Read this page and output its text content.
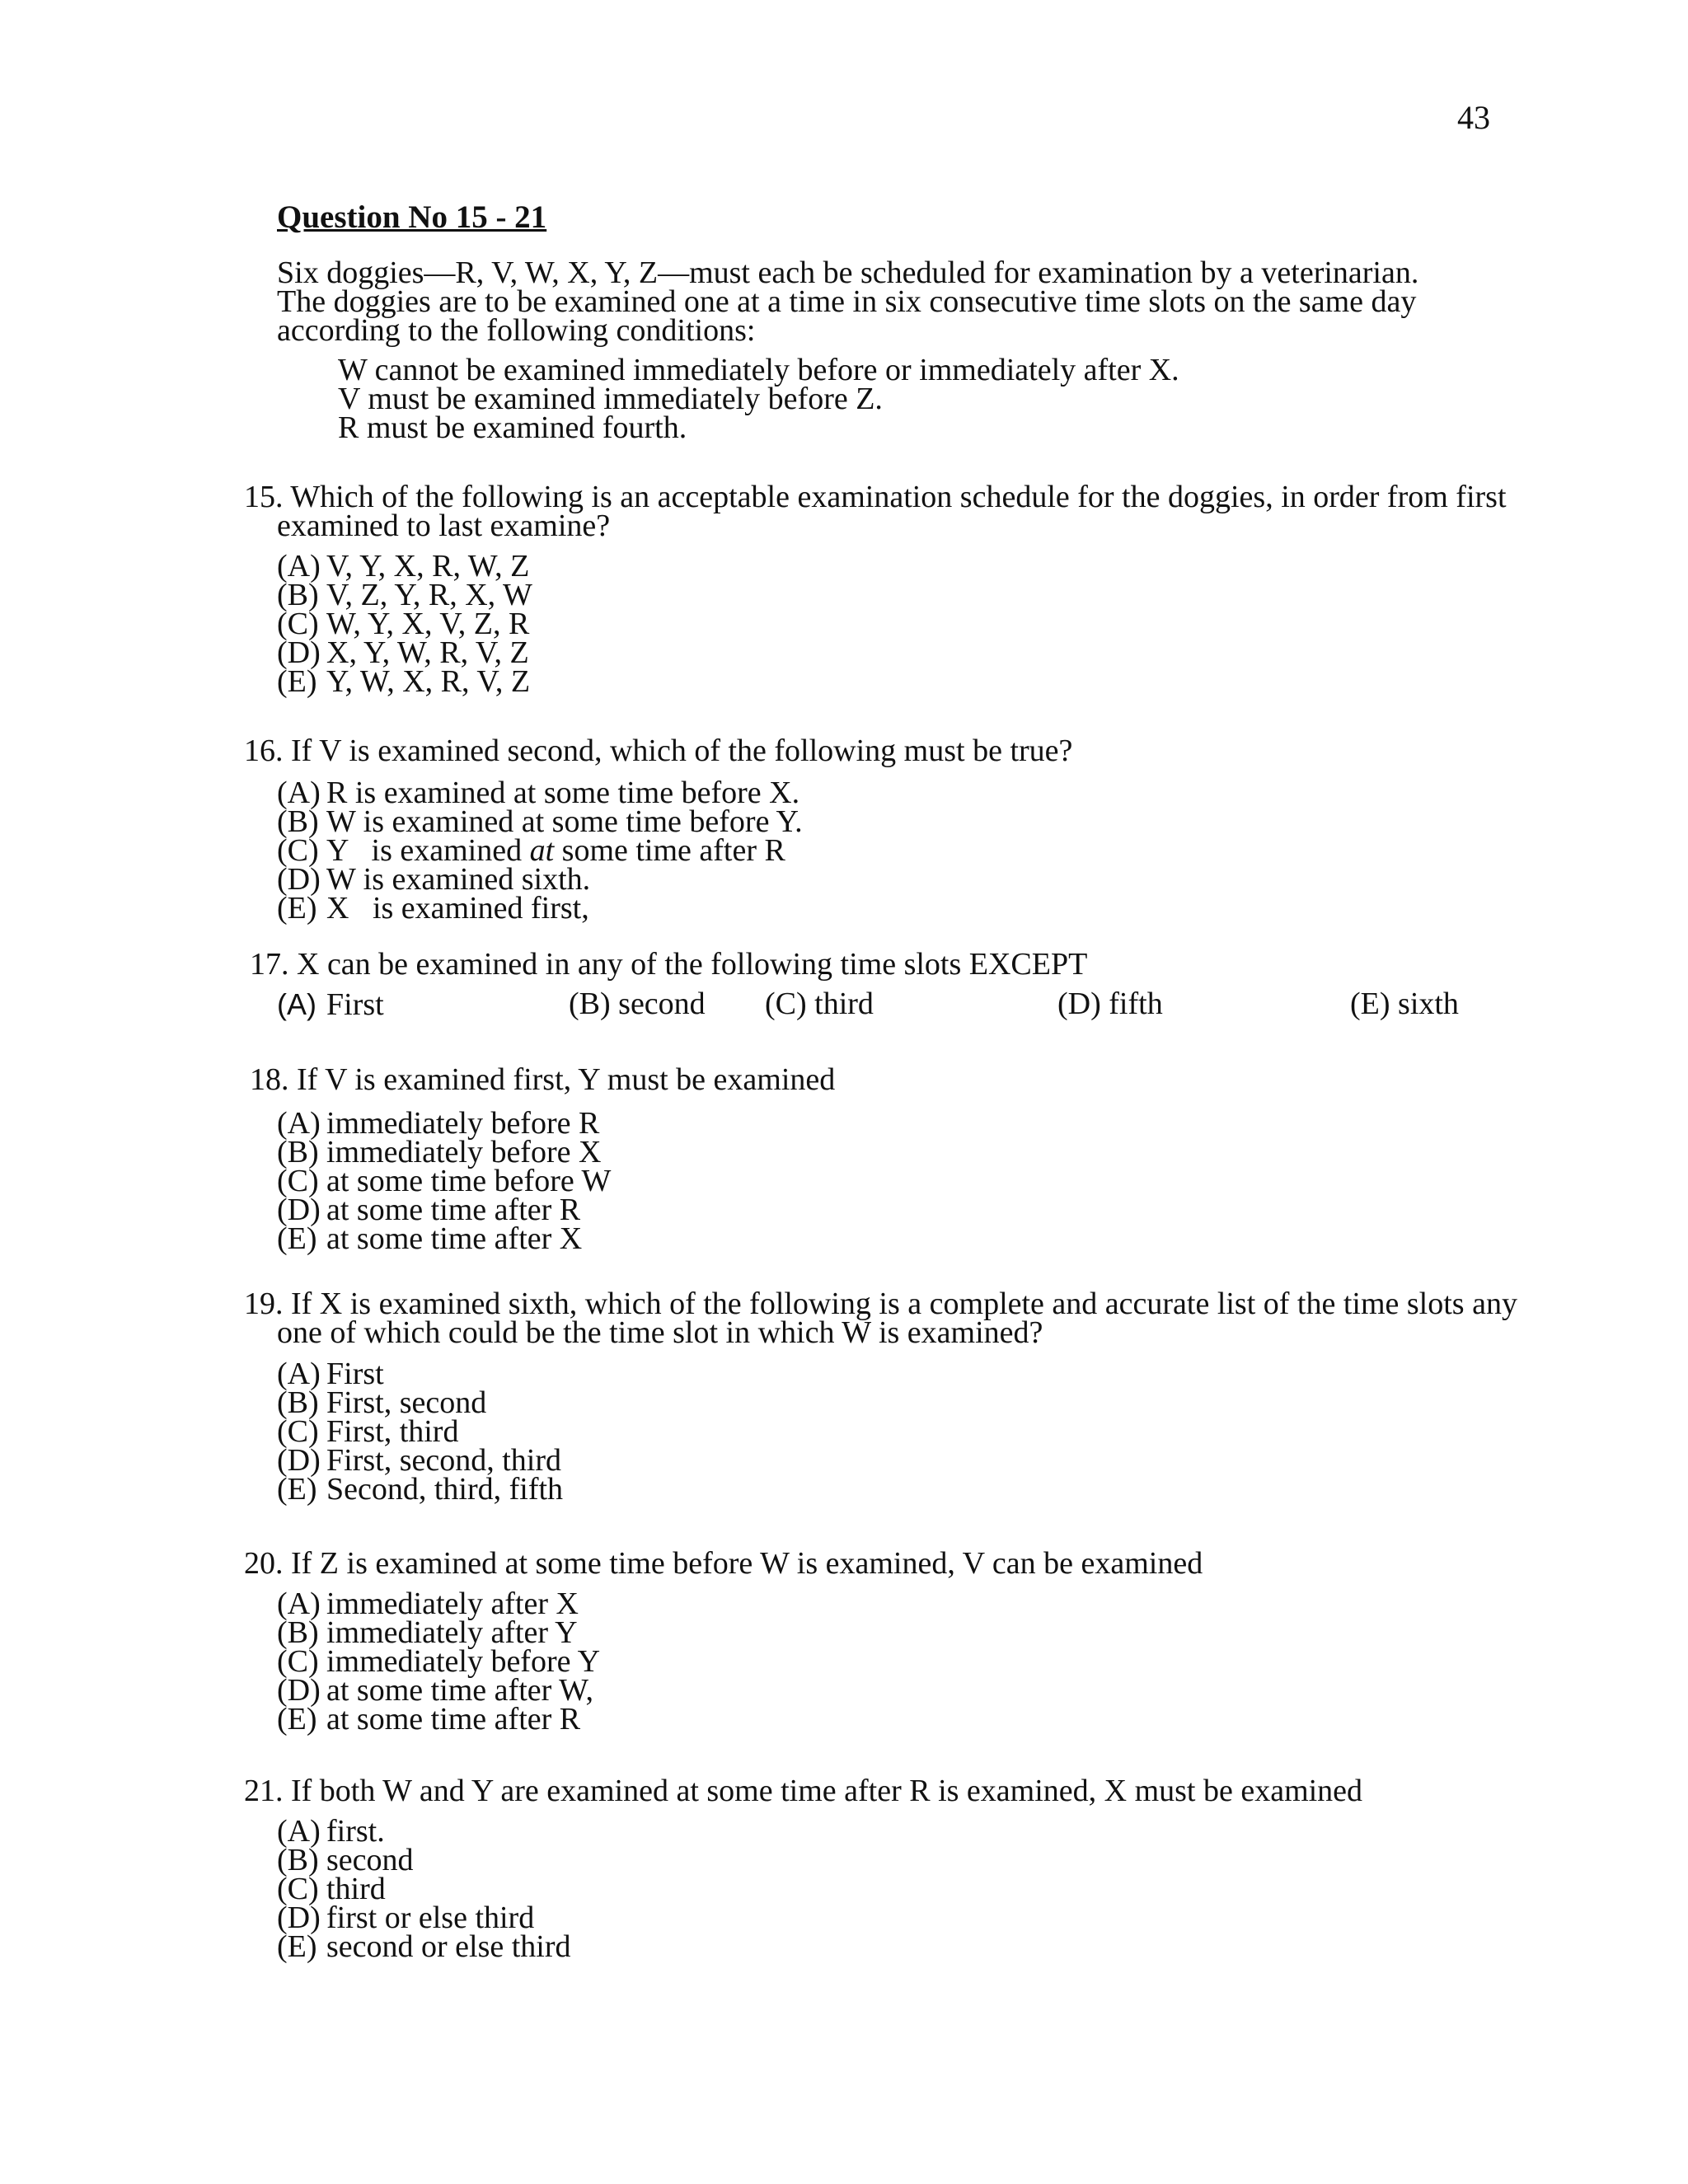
43
Question No 15 - 21
Six doggies—R, V, W, X, Y, Z—must each be scheduled for examination by a veterinarian.
The doggies are to be examined one at a time in six consecutive time slots on the same day
according to the following conditions:
W cannot be examined immediately before or immediately after X.
V must be examined immediately before Z.
R must be examined fourth.
15. Which of the following is an acceptable examination schedule for the doggies, in order from first
examined to last examine?
(A) V, Y, X, R, W, Z
(B) V, Z, Y, R, X, W
(C) W, Y, X, V, Z, R
(D) X, Y, W, R, V, Z
(E) Y, W, X, R, V, Z
16. If V is examined second, which of the following must be true?
(A) R is examined at some time before X.
(B) W is examined at some time before Y.
(C) Y   is examined at some time after R
(D) W is examined sixth.
(E) X   is examined first,
17. X can be examined in any of the following time slots EXCEPT
(A) First	(B) second (C) third	(D) fifth	(E) sixth
18. If V is examined first, Y must be examined
(A) immediately before R
(B) immediately before X
(C) at some time before W
(D) at some time after R
(E) at some time after X
19. If X is examined sixth, which of the following is a complete and accurate list of the time slots any
one of which could be the time slot in which W is examined?
(A) First
(B) First, second
(C) First, third
(D) First, second, third
(E) Second, third, fifth
20. If Z is examined at some time before W is examined, V can be examined
(A) immediately after X
(B) immediately after Y
(C) immediately before Y
(D) at some time after W,
(E) at some time after R
21. If both W and Y are examined at some time after R is examined, X must be examined
(A) first.
(B) second
(C) third
(D) first or else third
(E) second or else third
